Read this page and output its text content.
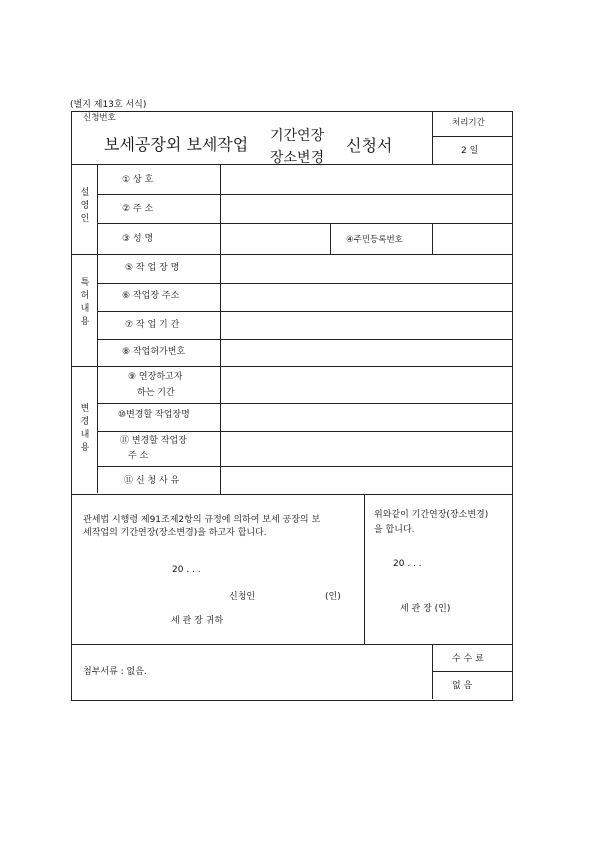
(별지 제13호 서식)
신청번호
보세공장외 보세작업 기간연장
장소변경
신청서
처리기간
2 일
설
영
인
① 상 호
② 주 소
③ 성 명	④주민등록번호
특
허
내
용
⑤ 작 업 장 명
⑥ 작업장 주소
⑦ 작 업 기 간
⑧ 작업허가번호
변
경
내
용
⑨ 연장하고자
하는 기간
⑩변경할 작업장명
⑪ 변경할 작업장
주 소
⑪ 신 청 사 유
관세법 시행령 제91조제2항의 규정에 의하여 보세 공장의 보
세작업의 기간연장(장소변경)을 하고자 합니다.
20 . . .
신청인	(인)
세 관 장 귀하
위와같이 기간연장(장소변경)
을 합니다.
20 . . .
세 관 장 (인)
첨부서류 : 없음.
수 수 료
없 음
